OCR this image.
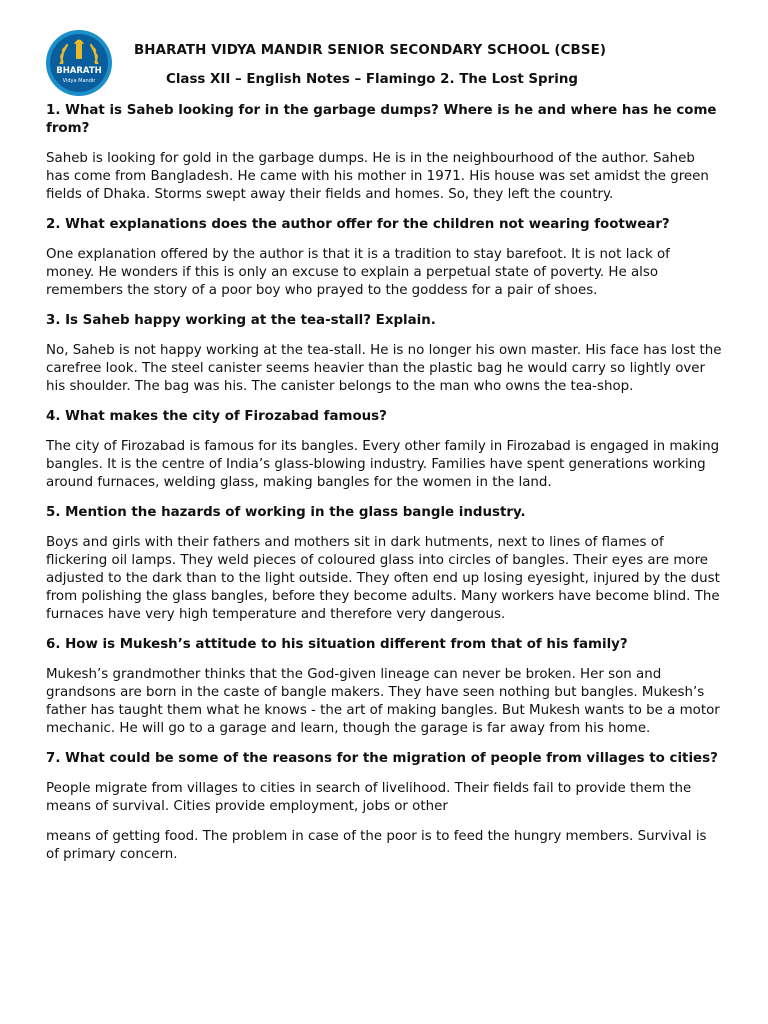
BHARATH
Vidya Mandir
BHARATH VIDYA MANDIR SENIOR SECONDARY SCHOOL (CBSE)
Class XII – English Notes – Flamingo 2. The Lost Spring
1. What is Saheb looking for in the garbage dumps? Where is he and where has he come from?
Saheb is looking for gold in the garbage dumps. He is in the neighbourhood of the author. Saheb has come from Bangladesh. He came with his mother in 1971. His house was set amidst the green fields of Dhaka. Storms swept away their fields and homes. So, they left the country.
2. What explanations does the author offer for the children not wearing footwear?
One explanation offered by the author is that it is a tradition to stay barefoot. It is not lack of money. He wonders if this is only an excuse to explain a perpetual state of poverty. He also remembers the story of a poor boy who prayed to the goddess for a pair of shoes.
3. Is Saheb happy working at the tea-stall? Explain.
No, Saheb is not happy working at the tea-stall. He is no longer his own master. His face has lost the carefree look. The steel canister seems heavier than the plastic bag he would carry so lightly over his shoulder. The bag was his. The canister belongs to the man who owns the tea-shop.
4. What makes the city of Firozabad famous?
The city of Firozabad is famous for its bangles. Every other family in Firozabad is engaged in making bangles. It is the centre of India’s glass-blowing industry. Families have spent generations working around furnaces, welding glass, making bangles for the women in the land.
5. Mention the hazards of working in the glass bangle industry.
Boys and girls with their fathers and mothers sit in dark hutments, next to lines of flames of flickering oil lamps. They weld pieces of coloured glass into circles of bangles. Their eyes are more adjusted to the dark than to the light outside. They often end up losing eyesight, injured by the dust from polishing the glass bangles, before they become adults. Many workers have become blind. The furnaces have very high temperature and therefore very dangerous.
6. How is Mukesh’s attitude to his situation different from that of his family?
Mukesh’s grandmother thinks that the God-given lineage can never be broken. Her son and grandsons are born in the caste of bangle makers. They have seen nothing but bangles. Mukesh’s father has taught them what he knows - the art of making bangles. But Mukesh wants to be a motor mechanic. He will go to a garage and learn, though the garage is far away from his home.
7. What could be some of the reasons for the migration of people from villages to cities?
People migrate from villages to cities in search of livelihood. Their fields fail to provide them the means of survival. Cities provide employment, jobs or other
means of getting food. The problem in case of the poor is to feed the hungry members. Survival is of primary concern.
